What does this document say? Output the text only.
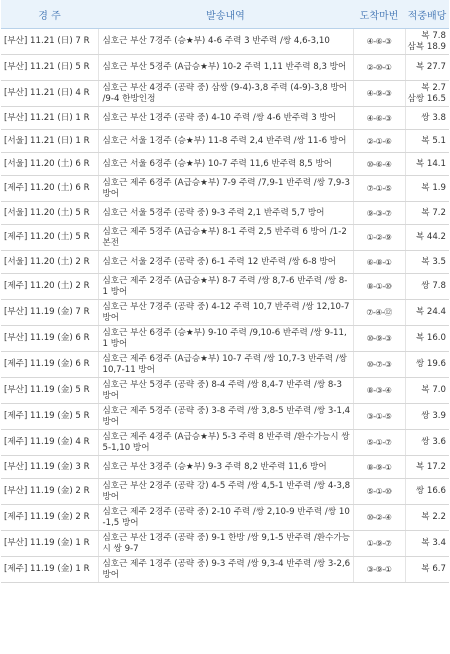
경 주	발송내역	도착마번	적중배당
[부산] 11.21 (日) 7 R	심호근 부산 7경주 (승★부) 4-6 주력 3 반주력 /쌍 4,6-3,10	④-⑥-③	복 7.8
삼복 18.9

[부산] 11.21 (日) 5 R	심호근 부산 5경주 (A급승★부) 10-2 주력 1,11 반주력 8,3 방어	②-⑩-①	복 27.7

[부산] 11.21 (日) 4 R	심호근 부산 4경주 (공략 중) 삼쌍 (9-4)-3,8 주력 (4-9)-3,8 방어 /9-4 한방인정	④-⑨-③	복 2.7
삼쌍 16.5

[부산] 11.21 (日) 1 R	심호근 부산 1경주 (공략 중) 4-10 주력 /쌍 4-6 반주력 3 방어	④-⑥-③	쌍 3.8

[서울] 11.21 (日) 1 R	심호근 서울 1경주 (승★부) 11-8 주력 2,4 반주력 /쌍 11-6 방어	②-①-⑥	복 5.1

[서울] 11.20 (土) 6 R	심호근 서울 6경주 (승★부) 10-7 주력 11,6 반주력 8,5 방어	⑩-⑥-④	복 14.1

[제주] 11.20 (土) 6 R	심호근 제주 6경주 (A급승★부) 7-9 주력 /7,9-1 반주력 /쌍 7,9-3 방어	⑦-①-⑤	복 1.9

[서울] 11.20 (土) 5 R	심호근 서울 5경주 (공략 중) 9-3 주력 2,1 반주력 5,7 방어	⑨-③-⑦	복 7.2

[제주] 11.20 (土) 5 R	심호근 제주 5경주 (A급승★부) 8-1 주력 2,5 반주력 6 방어 /1-2 본전	①-②-⑨	복 44.2

[서울] 11.20 (土) 2 R	심호근 서울 2경주 (공략 중) 6-1 주력 12 반주력 /쌍 6-8 방어	⑥-⑧-①	복 3.5

[제주] 11.20 (土) 2 R	심호근 제주 2경주 (A급승★부) 8-7 주력 /쌍 8,7-6 반주력 /쌍 8-1 방어	⑧-①-⑩	쌍 7.8

[부산] 11.19 (金) 7 R	심호근 부산 7경주 (공략 중) 4-12 주력 10,7 반주력 /쌍 12,10-7 방어	⑦-④-⑫	복 24.4

[부산] 11.19 (金) 6 R	심호근 부산 6경주 (승★부) 9-10 주력 /9,10-6 반주력 /쌍 9-11,1 방어	⑩-⑨-③	복 16.0

[제주] 11.19 (金) 6 R	심호근 제주 6경주 (A급승★부) 10-7 주력 /쌍 10,7-3 반주력 /쌍 10,7-11 방어	⑩-⑦-③	쌍 19.6

[부산] 11.19 (金) 5 R	심호근 부산 5경주 (공략 중) 8-4 주력 /쌍 8,4-7 반주력 /쌍 8-3 방어	⑧-③-④	복 7.0

[제주] 11.19 (金) 5 R	심호근 제주 5경주 (공략 중) 3-8 주력 /쌍 3,8-5 반주력 /쌍 3-1,4 방어	③-①-⑤	쌍 3.9

[제주] 11.19 (金) 4 R	심호근 제주 4경주 (A급승★부) 5-3 주력 8 반주력 /환수가능시 쌍 5-1,10 방어	⑤-①-⑦	쌍 3.6

[부산] 11.19 (金) 3 R	심호근 부산 3경주 (승★부) 9-3 주력 8,2 반주력 11,6 방어	⑧-⑨-①	복 17.2

[부산] 11.19 (金) 2 R	심호근 부산 2경주 (공략 강) 4-5 주력 /쌍 4,5-1 반주력 /쌍 4-3,8 방어	⑤-①-⑩	쌍 16.6

[제주] 11.19 (金) 2 R	심호근 제주 2경주 (공략 중) 2-10 주력 /쌍 2,10-9 반주력 /쌍 10-1,5 방어	⑩-②-④	복 2.2

[부산] 11.19 (金) 1 R	심호근 부산 1경주 (공략 중) 9-1 한방 /쌍 9,1-5 반주력 /환수가능시 쌍 9-7	①-⑨-⑦	복 3.4

[제주] 11.19 (金) 1 R	심호근 제주 1경주 (공략 중) 9-3 주력 /쌍 9,3-4 반주력 /쌍 3-2,6 방어	③-⑨-①	복 6.7
